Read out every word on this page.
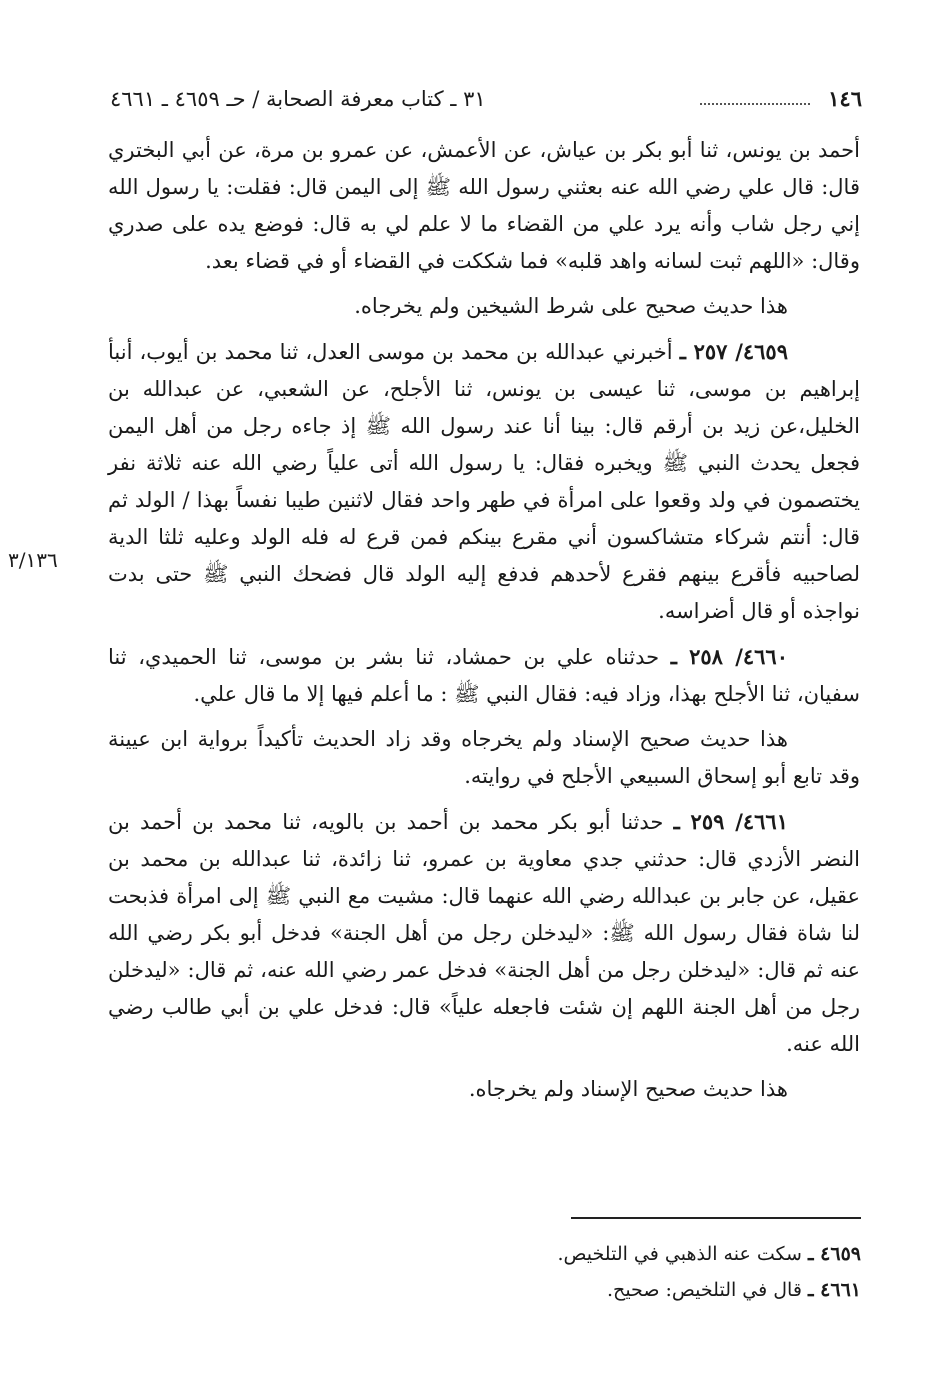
١٤٦
٣١ ـ كتاب معرفة الصحابة / حـ ٤٦٥٩ ـ ٤٦٦١

أحمد بن يونس، ثنا أبو بكر بن عياش، عن الأعمش، عن عمرو بن مرة، عن أبي البختري قال: قال علي رضي الله عنه بعثني رسول الله ﷺ إلى اليمن قال: فقلت: يا رسول الله إني رجل شاب وأنه يرد علي من القضاء ما لا علم لي به قال: فوضع يده على صدري وقال: «اللهم ثبت لسانه واهد قلبه» فما شككت في القضاء أو في قضاء بعد.

هذا حديث صحيح على شرط الشيخين ولم يخرجاه.

٤٦٥٩/ ٢٥٧ ـ أخبرني عبدالله بن محمد بن موسى العدل، ثنا محمد بن أيوب، أنبأ إبراهيم بن موسى، ثنا عيسى بن يونس، ثنا الأجلح، عن الشعبي، عن عبدالله بن الخليل،عن زيد بن أرقم قال: بينا أنا عند رسول الله ﷺ إذ جاءه رجل من أهل اليمن فجعل يحدث النبي ﷺ ويخبره فقال: يا رسول الله أتى علياً رضي الله عنه ثلاثة نفر يختصمون في ولد وقعوا على امرأة في طهر واحد فقال لاثنين طيبا نفساً بهذا / الولد ثم قال: أنتم شركاء متشاكسون أني مقرع بينكم فمن قرع له فله الولد وعليه ثلثا الدية لصاحبيه فأقرع بينهم فقرع لأحدهم فدفع إليه الولد قال فضحك النبي ﷺ حتى بدت نواجذه أو قال أضراسه.

٤٦٦٠/ ٢٥٨ ـ حدثناه علي بن حمشاد، ثنا بشر بن موسى، ثنا الحميدي، ثنا سفيان، ثنا الأجلح بهذا، وزاد فيه: فقال النبي ﷺ : ما أعلم فيها إلا ما قال علي.

هذا حديث صحيح الإسناد ولم يخرجاه وقد زاد الحديث تأكيداً برواية ابن عيينة وقد تابع أبو إسحاق السبيعي الأجلح في روايته.

٤٦٦١/ ٢٥٩ ـ حدثنا أبو بكر محمد بن أحمد بن بالويه، ثنا محمد بن أحمد بن النضر الأزدي قال: حدثني جدي معاوية بن عمرو، ثنا زائدة، ثنا عبدالله بن محمد بن عقيل، عن جابر بن عبدالله رضي الله عنهما قال: مشيت مع النبي ﷺ إلى امرأة فذبحت لنا شاة فقال رسول الله ﷺ: «ليدخلن رجل من أهل الجنة» فدخل أبو بكر رضي الله عنه ثم قال: «ليدخلن رجل من أهل الجنة» فدخل عمر رضي الله عنه، ثم قال: «ليدخلن رجل من أهل الجنة اللهم إن شئت فاجعله علياً» قال: فدخل علي بن أبي طالب رضي الله عنه.

هذا حديث صحيح الإسناد ولم يخرجاه.

٣/١٣٦

٤٦٥٩ ـ سكت عنه الذهبي في التلخيص.

٤٦٦١ ـ قال في التلخيص: صحيح.
